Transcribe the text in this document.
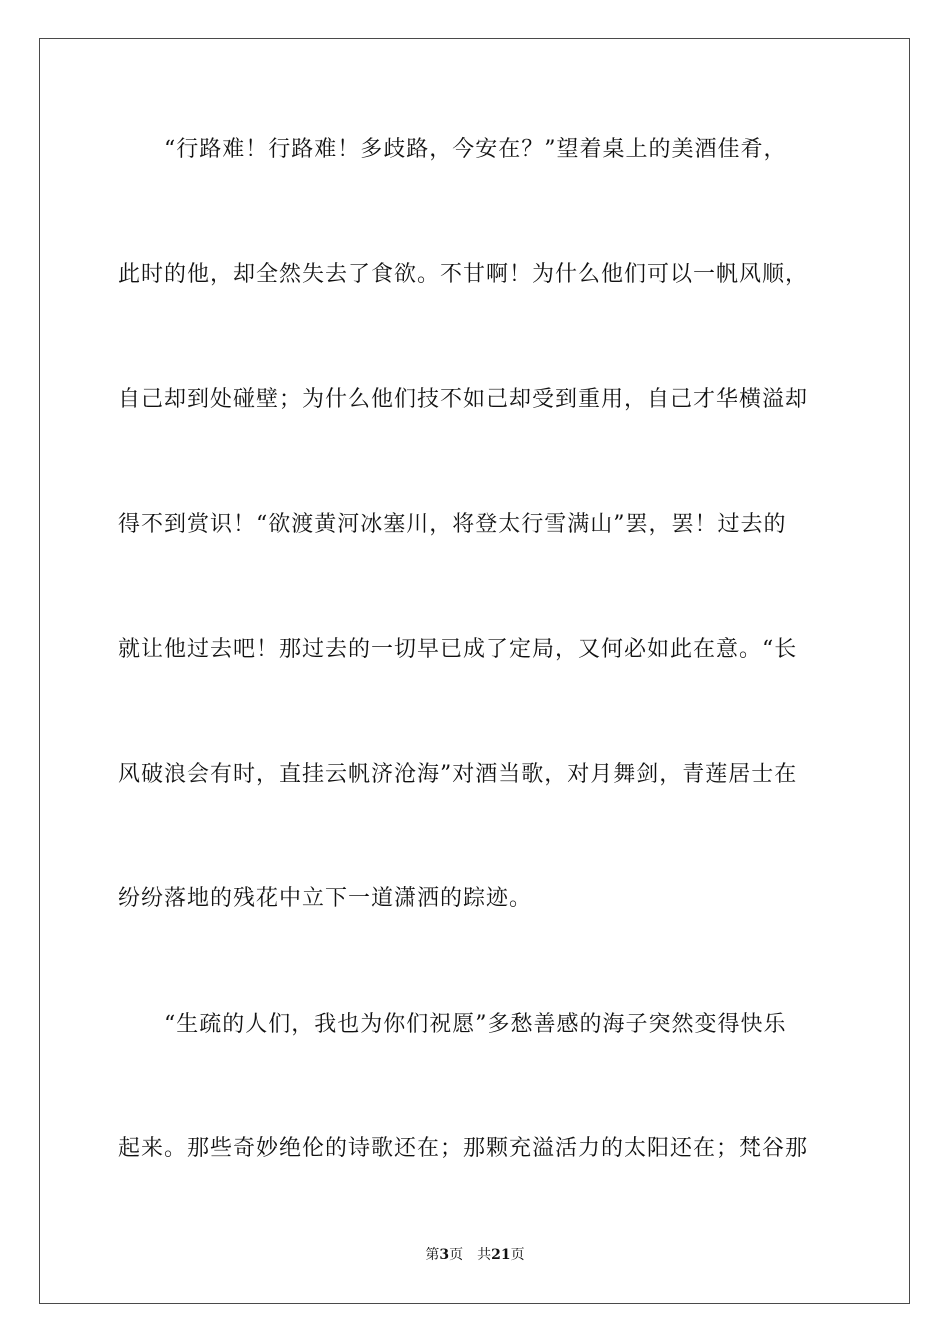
　　“行路难！行路难！多歧路，今安在？”望着桌上的美酒佳肴，
此时的他，却全然失去了食欲。不甘啊！为什么他们可以一帆风顺，
自己却到处碰壁；为什么他们技不如己却受到重用，自己才华横溢却
得不到赏识！“欲渡黄河冰塞川，将登太行雪满山”罢，罢！过去的
就让他过去吧！那过去的一切早已成了定局，又何必如此在意。“长
风破浪会有时，直挂云帆济沧海”对酒当歌，对月舞剑，青莲居士在
纷纷落地的残花中立下一道潇洒的踪迹。
　　“生疏的人们，我也为你们祝愿”多愁善感的海子突然变得快乐
起来。那些奇妙绝伦的诗歌还在；那颗充溢活力的太阳还在；梵谷那
第3页 共21页
